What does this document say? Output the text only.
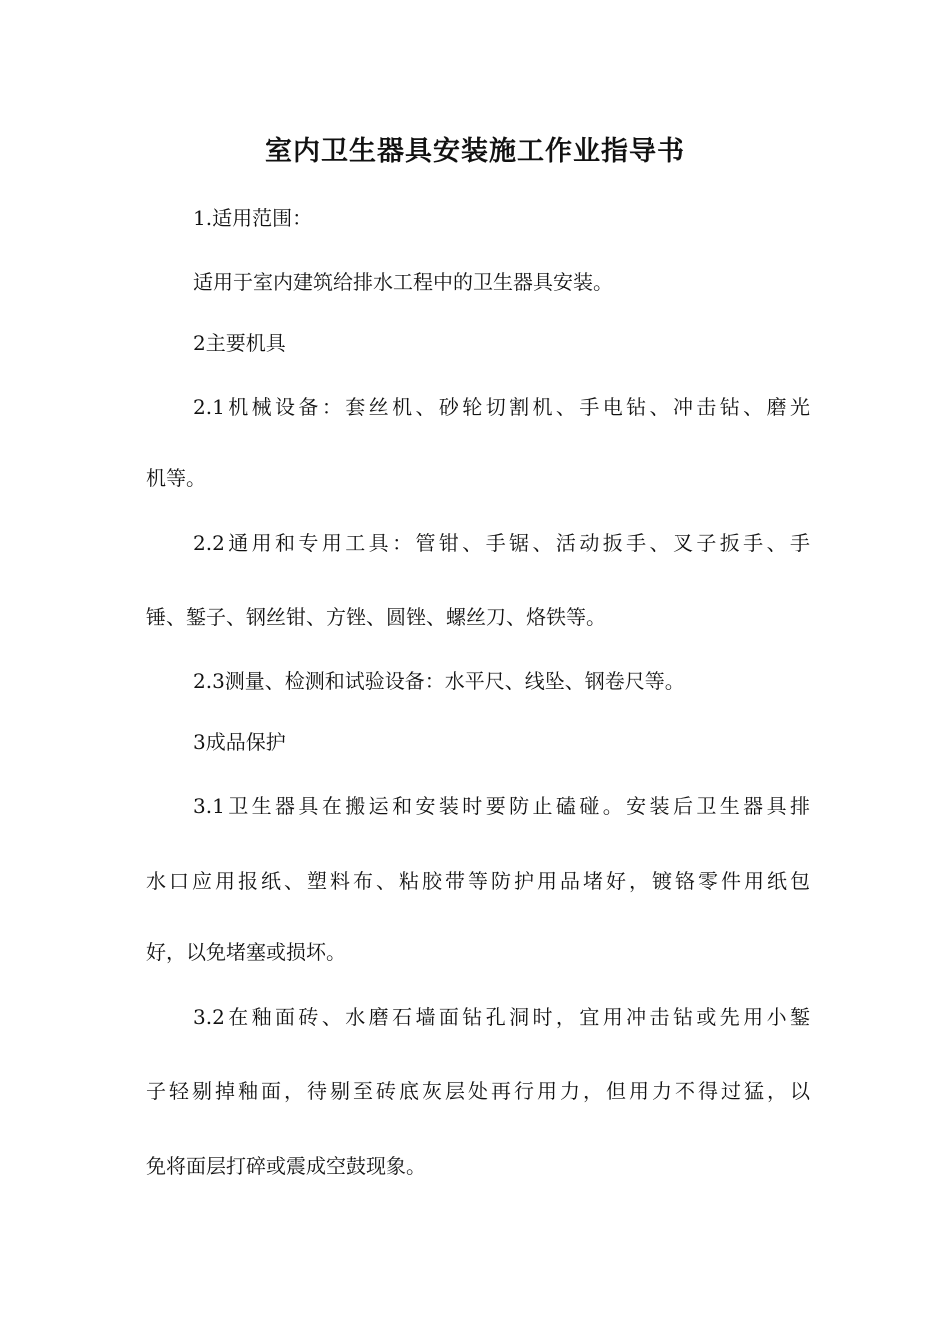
室内卫生器具安装施工作业指导书

1.适用范围：

适用于室内建筑给排水工程中的卫生器具安装。

2主要机具

2.1机械设备：套丝机、砂轮切割机、手电钻、冲击钻、磨光

机等。

2.2通用和专用工具：管钳、手锯、活动扳手、叉子扳手、手

锤、錾子、钢丝钳、方锉、圆锉、螺丝刀、烙铁等。

2.3测量、检测和试验设备：水平尺、线坠、钢卷尺等。

3成品保护

3.1卫生器具在搬运和安装时要防止磕碰。安装后卫生器具排

水口应用报纸、塑料布、粘胶带等防护用品堵好，镀铬零件用纸包

好，以免堵塞或损坏。

3.2在釉面砖、水磨石墙面钻孔洞时，宜用冲击钻或先用小錾

子轻剔掉釉面，待剔至砖底灰层处再行用力，但用力不得过猛，以

免将面层打碎或震成空鼓现象。
